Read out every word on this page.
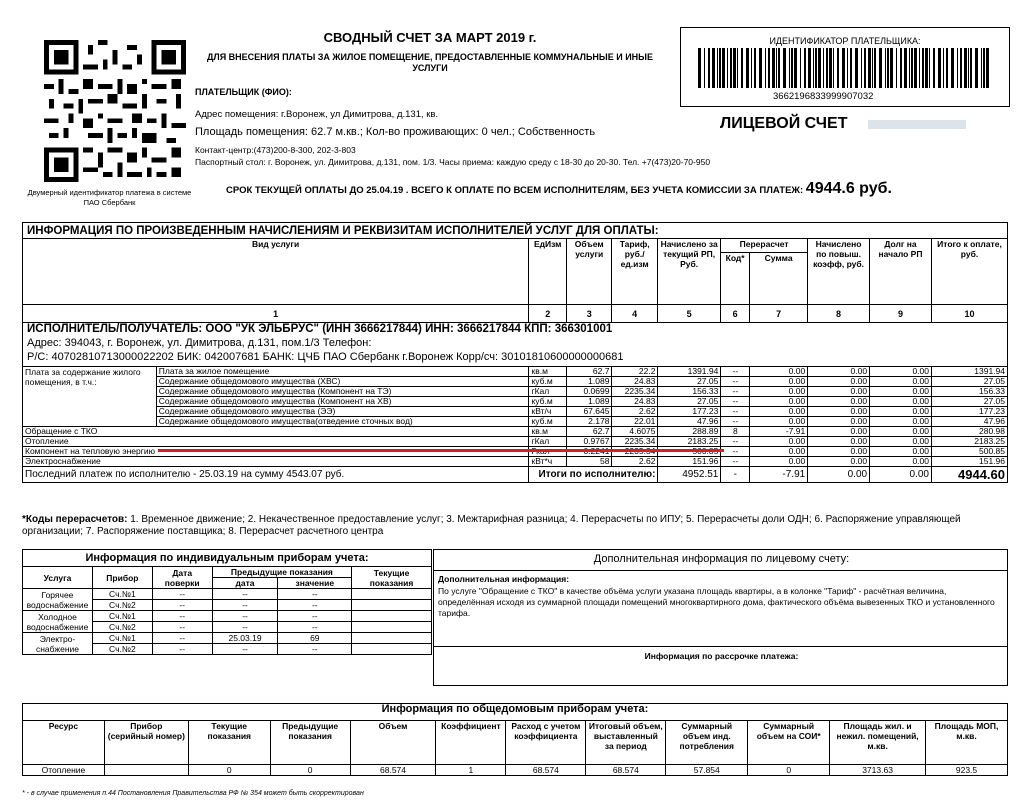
Двумерный идентификатор платежа в системе ПАО Сбербанк
СВОДНЫЙ СЧЕТ ЗА МАРТ 2019 г.
ДЛЯ ВНЕСЕНИЯ ПЛАТЫ ЗА ЖИЛОЕ ПОМЕЩЕНИЕ, ПРЕДОСТАВЛЕННЫЕ КОММУНАЛЬНЫЕ И ИНЫЕ УСЛУГИ
ПЛАТЕЛЬЩИК (ФИО):
Адрес помещения: г.Воронеж, ул Димитрова, д.131, кв.
Площадь помещения: 62.7 м.кв.; Кол-во проживающих: 0 чел.; Собственность
Контакт-центр:(473)200-8-300, 202-3-803
Паспортный стол: г. Воронеж, ул. Димитрова, д.131, пом. 1/3. Часы приема: каждую среду с 18-30 до 20-30. Тел. +7(473)20-70-950
ИДЕНТИФИКАТОР ПЛАТЕЛЬЩИКА:
3662196833999907032
ЛИЦЕВОЙ СЧЕТ
СРОК ТЕКУЩЕЙ ОПЛАТЫ ДО 25.04.19 . ВСЕГО К ОПЛАТЕ ПО ВСЕМ ИСПОЛНИТЕЛЯМ, БЕЗ УЧЕТА КОМИССИИ ЗА ПЛАТЕЖ: 4944.6 руб.
ИНФОРМАЦИЯ ПО ПРОИЗВЕДЕННЫМ НАЧИСЛЕНИЯМ И РЕКВИЗИТАМ ИСПОЛНИТЕЛЕЙ УСЛУГ ДЛЯ ОПЛАТЫ:
Вид услуги	ЕдИзм	Объем услуги	Тариф, руб./ ед.изм	Начислено за текущий РП, Руб.	Перерасчет		Начислено по повыш. коэфф, руб.	Долг на начало РП	Итого к оплате, руб.
					Код*	Сумма			
1	2	3	4	5	6	7	8	9	10
ИСПОЛНИТЕЛЬ/ПОЛУЧАТЕЛЬ: ООО "УК ЭЛЬБРУС" (ИНН 3666217844) ИНН: 3666217844 КПП: 366301001
Адрес: 394043, г. Воронеж, ул. Димитрова, д.131, пом.1/3 Телефон:
Р/С: 40702810713000022202 БИК: 042007681 БАНК: ЦЧБ ПАО Сбербанк г.Воронеж Корр/сч: 30101810600000000681
Плата за содержание жилого помещения, в т.ч.:	Плата за жилое помещение	кв.м	62.7	22.2	1391.94	--	0.00	0.00	0.00	1391.94
	Содержание общедомового имущества (ХВС)	куб.м	1.089	24.83	27.05	--	0.00	0.00	0.00	27.05
	Содержание общедомового имущества (Компонент на ТЭ)	гКал	0.0699	2235.34	156.33	--	0.00	0.00	0.00	156.33
	Содержание общедомового имущества (Компонент на ХВ)	куб.м	1.089	24.83	27.05	--	0.00	0.00	0.00	27.05
	Содержание общедомового имущества (ЭЭ)	кВт/ч	67.645	2.62	177.23	--	0.00	0.00	0.00	177.23
	Содержание общедомового имущества(отведение сточных вод)	куб.м	2.178	22.01	47.96	--	0.00	0.00	0.00	47.96
Обращение с ТКО		кв.м	62.7	4.6075	288.89	8	-7.91	0.00	0.00	280.98
Отопление		гКал	0.9767	2235.34	2183.25	--	0.00	0.00	0.00	2183.25
Компонент на тепловую энергию						--	0.00	0.00	0.00	500.85
Электроснабжение		кВт*ч	58	2.62	151.96	--	0.00	0.00	0.00	151.96
Последний платеж по исполнителю - 25.03.19 на сумму 4543.07 руб.		Итоги по исполнителю:			4952.51	-	-7.91	0.00	0.00	4944.60
*Коды перерасчетов: 1. Временное движение; 2. Некачественное предоставление услуг; 3. Межтарифная разница; 4. Перерасчеты по ИПУ; 5. Перерасчеты доли ОДН; 6. Распоряжение управляющей организации; 7. Распоряжение поставщика; 8. Перерасчет расчетного центра
Информация по индивидуальным приборам учета:					
Услуга	Прибор	Дата поверки	Предыдущие показания		Текущие показания
			дата	значение	
Горячее водоснабжение	Сч.№1	--	--	--	
	Сч.№2	--	--	--	
Холодное водоснабжение	Сч.№1	--	--	--	
	Сч.№2	--	--	--	
Электро-снабжение	Сч.№1	--	25.03.19	69	
	Сч.№2	--	--	--	
Дополнительная информация по лицевому счету:
Дополнительная информация:
По услуге "Обращение с ТКО" в качестве объёма услуги указана площадь квартиры, а в колонке "Тариф" - расчётная величина, определённая исходя из суммарной площади помещений многоквартирного дома, фактического объёма вывезенных ТКО и установленного тарифа.
Информация по рассрочке платежа:
Информация по общедомовым приборам учета:											
Ресурс	Прибор (серийный номер)	Текущие показания	Предыдущие показания	Объем	Коэффициент	Расход с учетом коэффициента	Итоговый объем, выставленный за период	Суммарный объем инд. потребления	Суммарный объем на СОИ*	Площадь жил. и нежил. помещений, м.кв.	Площадь МОП, м.кв.
Отопление		0	0	68.574	1	68.574	68.574	57.854	0	3713.63	923.5
* - в случае применения п.44 Постановления Правительства РФ № 354 может быть скорректирован
